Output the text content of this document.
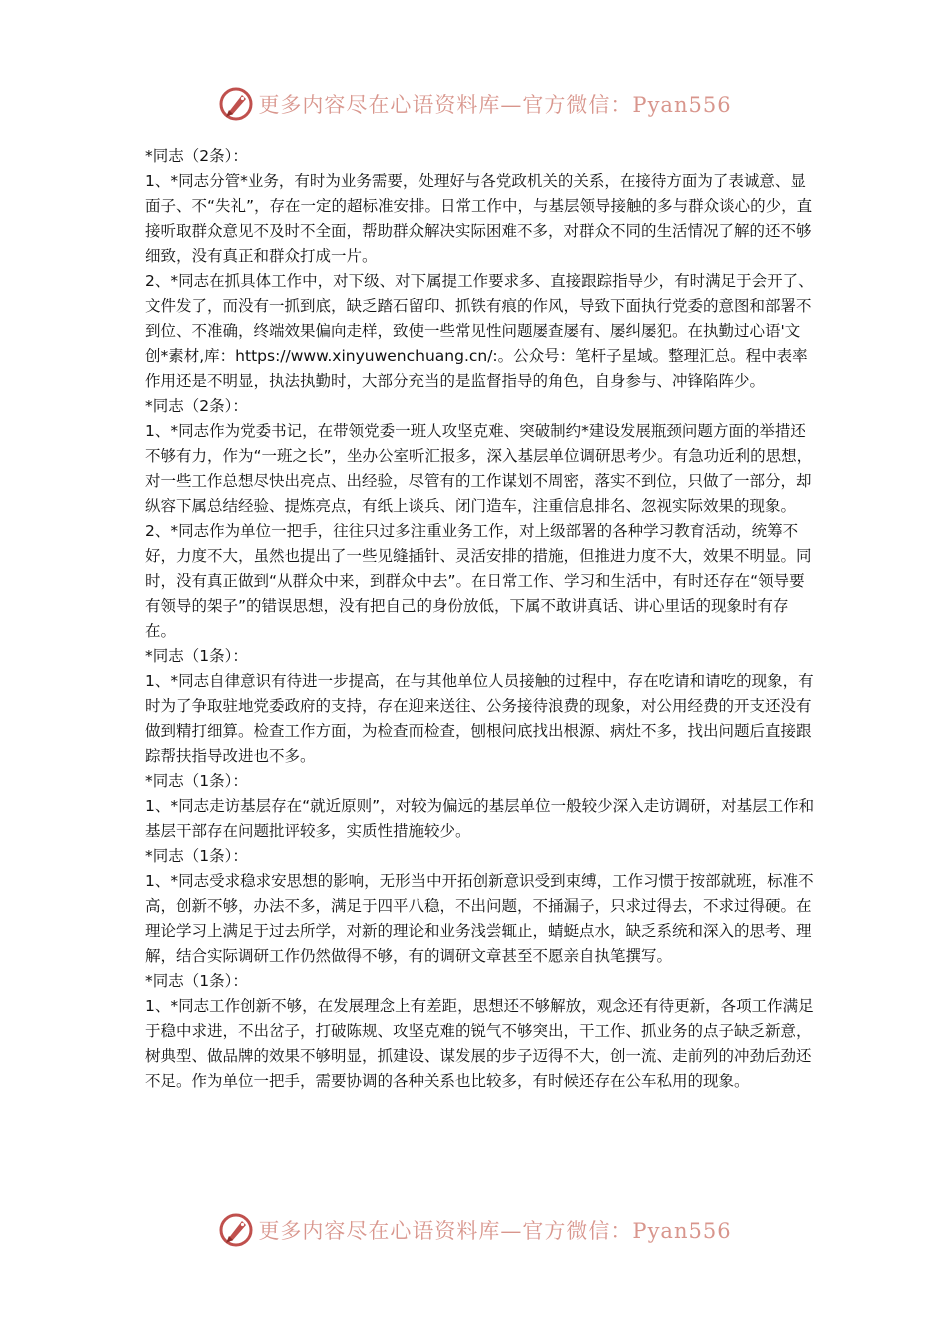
更多内容尽在心语资料库—官方微信：Pyan556

*同志（2条）：

1、*同志分管*业务，有时为业务需要，处理好与各党政机关的关系，在接待方面为了表诚意、显面子、不“失礼”，存在一定的超标准安排。日常工作中，与基层领导接触的多与群众谈心的少，直接听取群众意见不及时不全面，帮助群众解决实际困难不多，对群众不同的生活情况了解的还不够细致，没有真正和群众打成一片。

2、*同志在抓具体工作中，对下级、对下属提工作要求多、直接跟踪指导少，有时满足于会开了、文件发了，而没有一抓到底，缺乏踏石留印、抓铁有痕的作风，导致下面执行党委的意图和部署不到位、不准确，终端效果偏向走样，致使一些常见性问题屡查屡有、屡纠屡犯。在执勤过心语'文创*素材,库：https://www.xinyuwenchuang.cn/:。公众号：笔杆子星域。整理汇总。程中表率作用还是不明显，执法执勤时，大部分充当的是监督指导的角色，自身参与、冲锋陷阵少。

*同志（2条）：

1、*同志作为党委书记，在带领党委一班人攻坚克难、突破制约*建设发展瓶颈问题方面的举措还不够有力，作为“一班之长”，坐办公室听汇报多，深入基层单位调研思考少。有急功近利的思想，对一些工作总想尽快出亮点、出经验，尽管有的工作谋划不周密，落实不到位，只做了一部分，却纵容下属总结经验、提炼亮点，有纸上谈兵、闭门造车，注重信息排名、忽视实际效果的现象。

2、*同志作为单位一把手，往往只过多注重业务工作，对上级部署的各种学习教育活动，统筹不好，力度不大，虽然也提出了一些见缝插针、灵活安排的措施，但推进力度不大，效果不明显。同时，没有真正做到“从群众中来，到群众中去”。在日常工作、学习和生活中，有时还存在“领导要有领导的架子”的错误思想，没有把自己的身份放低，下属不敢讲真话、讲心里话的现象时有存在。

*同志（1条）：

1、*同志自律意识有待进一步提高，在与其他单位人员接触的过程中，存在吃请和请吃的现象，有时为了争取驻地党委政府的支持，存在迎来送往、公务接待浪费的现象，对公用经费的开支还没有做到精打细算。检查工作方面，为检查而检查，刨根问底找出根源、病灶不多，找出问题后直接跟踪帮扶指导改进也不多。

*同志（1条）：

1、*同志走访基层存在“就近原则”，对较为偏远的基层单位一般较少深入走访调研，对基层工作和基层干部存在问题批评较多，实质性措施较少。

*同志（1条）：

1、*同志受求稳求安思想的影响，无形当中开拓创新意识受到束缚，工作习惯于按部就班，标准不高，创新不够，办法不多，满足于四平八稳，不出问题，不捅漏子，只求过得去，不求过得硬。在理论学习上满足于过去所学，对新的理论和业务浅尝辄止，蜻蜓点水，缺乏系统和深入的思考、理解，结合实际调研工作仍然做得不够，有的调研文章甚至不愿亲自执笔撰写。

*同志（1条）：

1、*同志工作创新不够，在发展理念上有差距，思想还不够解放，观念还有待更新，各项工作满足于稳中求进，不出岔子，打破陈规、攻坚克难的锐气不够突出，干工作、抓业务的点子缺乏新意，树典型、做品牌的效果不够明显，抓建设、谋发展的步子迈得不大，创一流、走前列的冲劲后劲还不足。作为单位一把手，需要协调的各种关系也比较多，有时候还存在公车私用的现象。

更多内容尽在心语资料库—官方微信：Pyan556
